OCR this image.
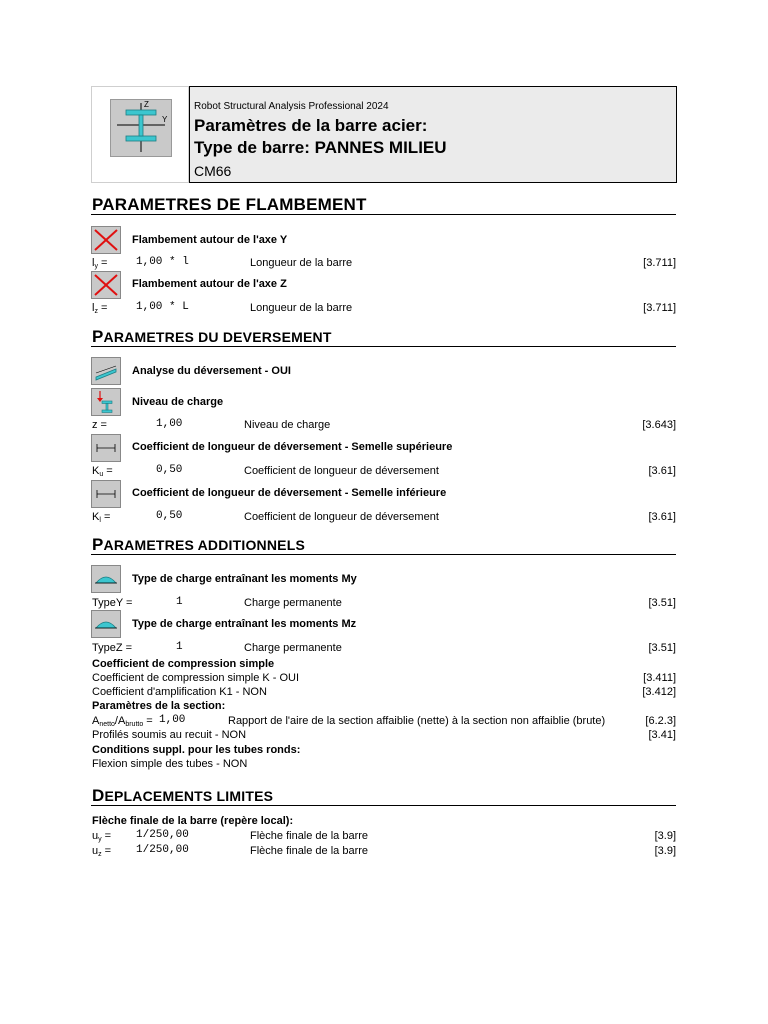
Z
Y
Robot Structural Analysis Professional 2024
Paramètres de la barre acier:
Type de barre: PANNES MILIEU
CM66
PARAMETRES DE FLAMBEMENT
Flambement autour de l'axe Y
$l_y$ =	1,00 * l	Longueur de la barre	[3.711]
Flambement autour de l'axe Z
$l_z$ =	1,00 * L	Longueur de la barre	[3.711]
PARAMETRES DU DEVERSEMENT
Analyse du déversement - OUI
Niveau de charge
z =	1,00	Niveau de charge	[3.643]
Coefficient de longueur de déversement - Semelle supérieure
$K_u$ =	0,50	Coefficient de longueur de déversement	[3.61]
Coefficient de longueur de déversement - Semelle inférieure
$K_l$ =	0,50	Coefficient de longueur de déversement	[3.61]
PARAMETRES ADDITIONNELS
Type de charge entraînant les moments My
TypeY =	1	Charge permanente	[3.51]
Type de charge entraînant les moments Mz
TypeZ =	1	Charge permanente	[3.51]
Coefficient de compression simple
Coefficient de compression simple K - OUI	[3.411]
Coefficient d'amplification K1 - NON	[3.412]
Paramètres de la section:
$A_{netto}/A_{brutto} = 1,00$	Rapport de l'aire de la section affaiblie (nette) à la section non affaiblie (brute)	[6.2.3]
Profilés soumis au recuit - NON	[3.41]
Conditions suppl. pour les tubes ronds:
Flexion simple des tubes - NON
DEPLACEMENTS LIMITES
Flèche finale de la barre (repère local):
$u_y = 1/250,00$	Flèche finale de la barre	[3.9]
$u_z = 1/250,00$	Flèche finale de la barre	[3.9]
